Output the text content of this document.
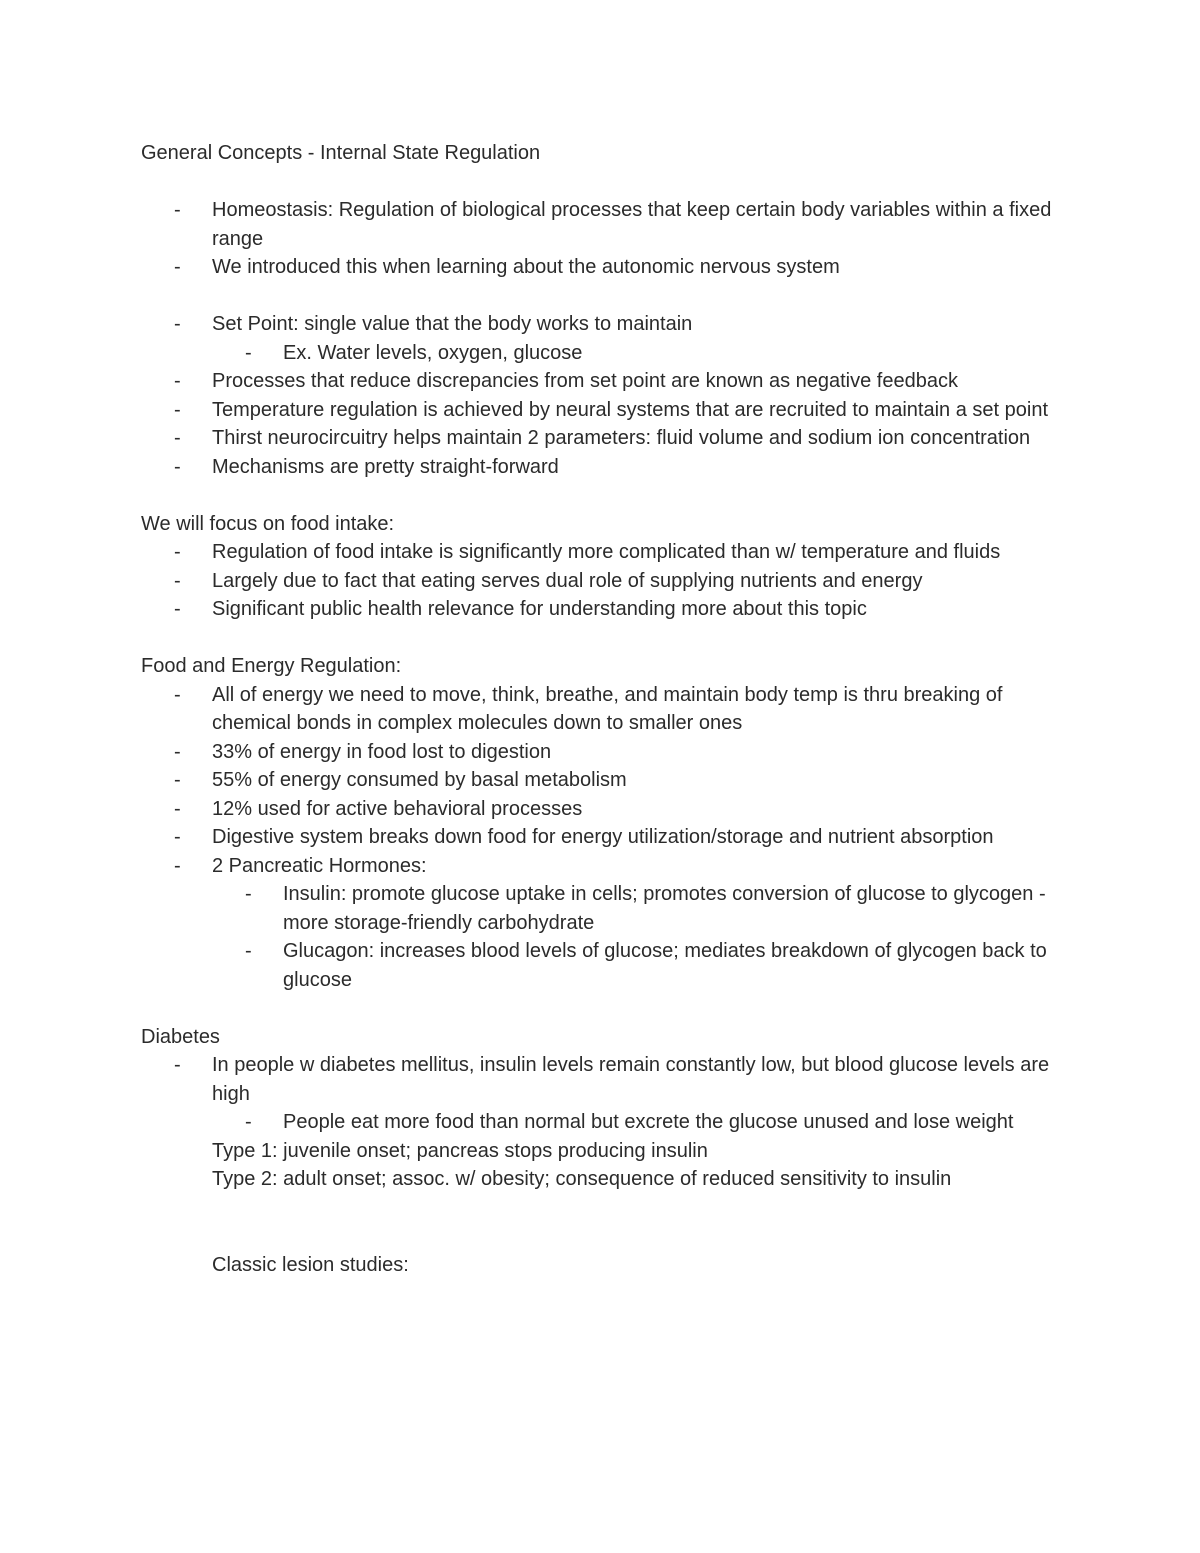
General Concepts - Internal State Regulation
-	Homeostasis: Regulation of biological processes that keep certain body variables within a fixed range
-	We introduced this when learning about the autonomic nervous system
-	Set Point: single value that the body works to maintain
-	Ex. Water levels, oxygen, glucose
-	Processes that reduce discrepancies from set point are known as negative feedback
-	Temperature regulation is achieved by neural systems that are recruited to maintain a set point
-	Thirst neurocircuitry helps maintain 2 parameters: fluid volume and sodium ion concentration
-	Mechanisms are pretty straight-forward
We will focus on food intake:
-	Regulation of food intake is significantly more complicated than w/ temperature and fluids
-	Largely due to fact that eating serves dual role of supplying nutrients and energy
-	Significant public health relevance for understanding more about this topic
Food and Energy Regulation:
-	All of energy we need to move, think, breathe, and maintain body temp is thru breaking of chemical bonds in complex molecules down to smaller ones
-	33% of energy in food lost to digestion
-	55% of energy consumed by basal metabolism
-	12% used for active behavioral processes
-	Digestive system breaks down food for energy utilization/storage and nutrient absorption
-	2 Pancreatic Hormones:
-	Insulin: promote glucose uptake in cells; promotes conversion of glucose to glycogen - more storage-friendly carbohydrate
-	Glucagon: increases blood levels of glucose; mediates breakdown of glycogen back to glucose
Diabetes
-	In people w diabetes mellitus, insulin levels remain constantly low, but blood glucose levels are high
-	People eat more food than normal but excrete the glucose unused and lose weight
Type 1: juvenile onset; pancreas stops producing insulin
Type 2: adult onset; assoc. w/ obesity; consequence of reduced sensitivity to insulin
Classic lesion studies:
